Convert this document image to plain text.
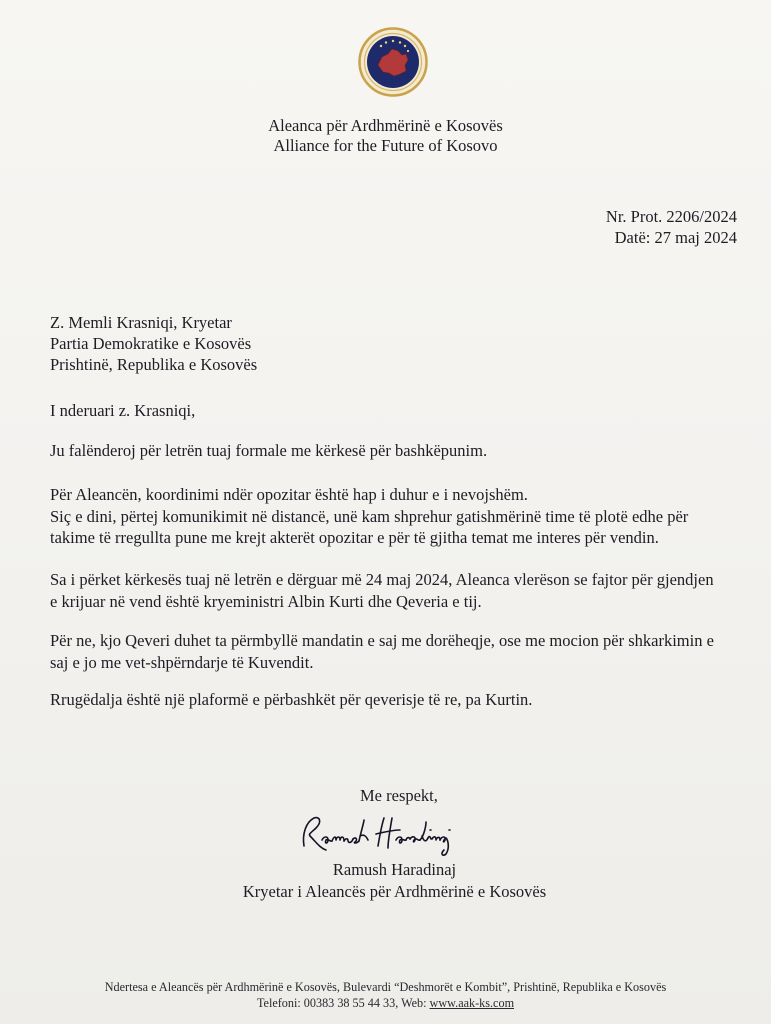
Aleanca për Ardhmërinë e Kosovës
Alliance for the Future of Kosovo
Nr. Prot. 2206/2024
Datë: 27 maj 2024
Z. Memli Krasniqi, Kryetar
Partia Demokratike e Kosovës
Prishtinë, Republika e Kosovës
I nderuari z. Krasniqi,
Ju falënderoj për letrën tuaj formale me kërkesë për bashkëpunim.
Për Aleancën, koordinimi ndër opozitar është hap i duhur e i nevojshëm.
Siç e dini, përtej komunikimit në distancë, unë kam shprehur gatishmërinë time të plotë edhe për
takime të rregullta pune me krejt akterët opozitar e për të gjitha temat me interes për vendin.
Sa i përket kërkesës tuaj në letrën e dërguar më 24 maj 2024, Aleanca vlerëson se fajtor për gjendjen
e krijuar në vend është kryeministri Albin Kurti dhe Qeveria e tij.
Për ne, kjo Qeveri duhet ta përmbyllë mandatin e saj me dorëheqje, ose me mocion për shkarkimin e
saj e jo me vet-shpërndarje të Kuvendit.
Rrugëdalja është një plaformë e përbashkët për qeverisje të re, pa Kurtin.
Me respekt,
Ramush Haradinaj
Kryetar i Aleancës për Ardhmërinë e Kosovës
Ndertesa e Aleancës për Ardhmërinë e Kosovës, Bulevardi “Deshmorët e Kombit”, Prishtinë, Republika e Kosovës
Telefoni: 00383 38 55 44 33, Web: www.aak-ks.com
